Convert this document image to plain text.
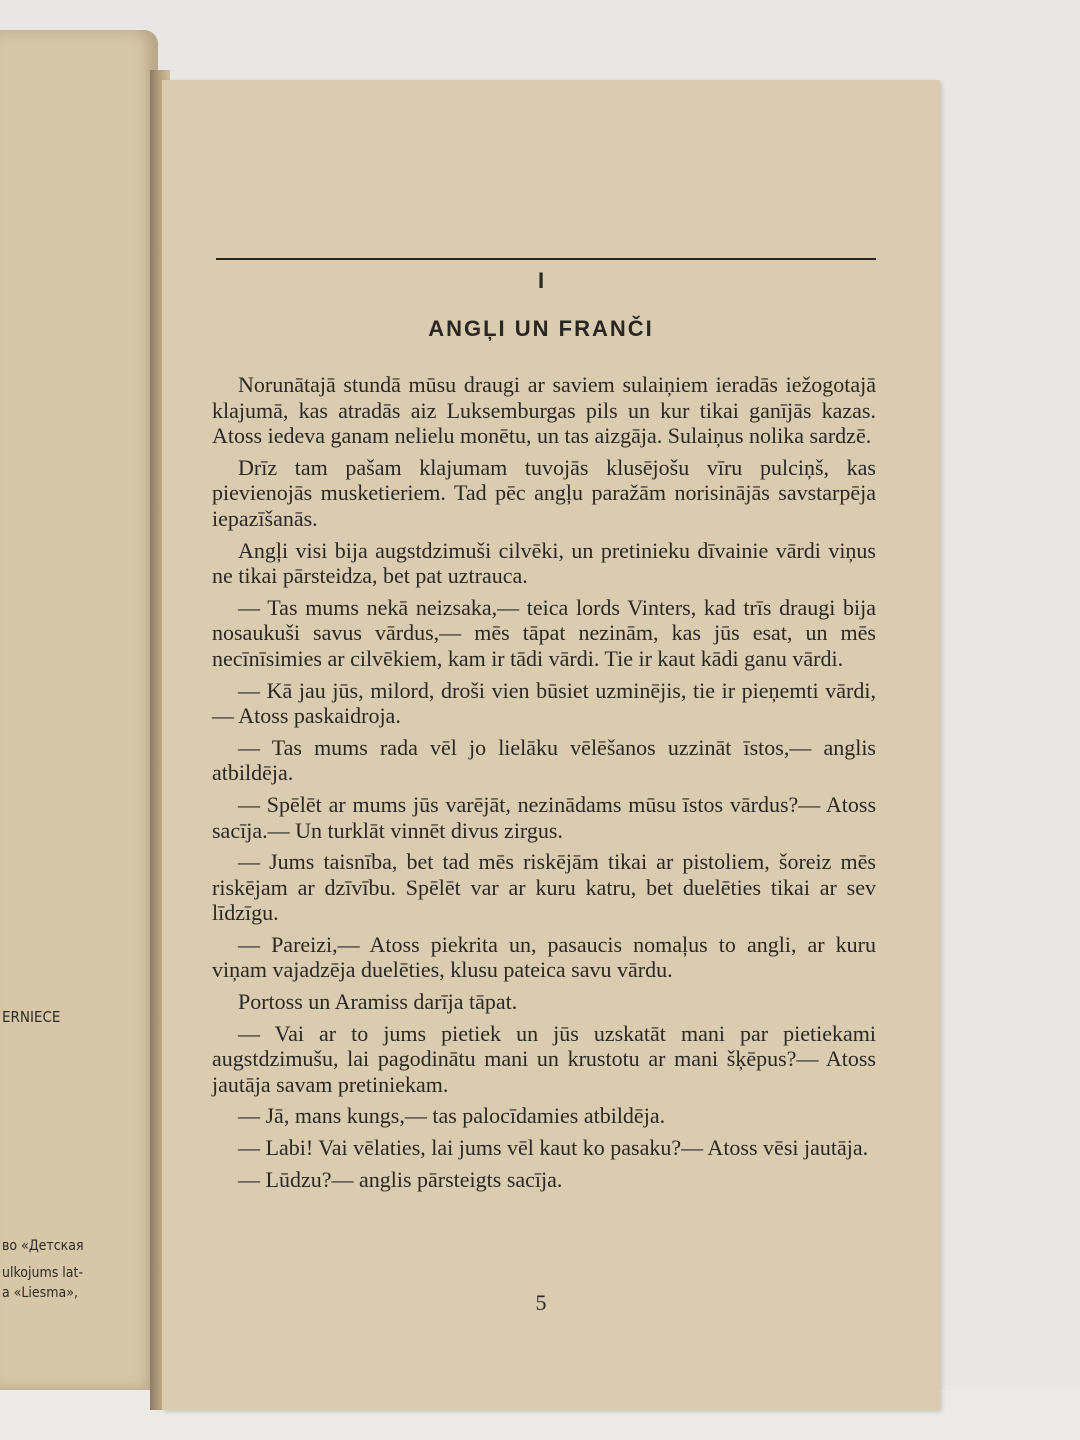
ERNIECE
во «Детская
ulkojums lat-
a «Liesma»,
I
ANGĻI UN FRANČI

Norunātajā stundā mūsu draugi ar saviem sulaiņiem ieradās iežogotajā klajumā, kas atradās aiz Luksemburgas pils un kur tikai ganījās kazas. Atoss iedeva ganam nelielu monētu, un tas aizgāja. Sulaiņus nolika sardzē.

Drīz tam pašam klajumam tuvojās klusējošu vīru pulciņš, kas pievienojās musketieriem. Tad pēc angļu paražām norisinājās savstarpēja iepazīšanās.

Angļi visi bija augstdzimuši cilvēki, un pretinieku dīvainie vārdi viņus ne tikai pārsteidza, bet pat uztrauca.

— Tas mums nekā neizsaka,— teica lords Vinters, kad trīs draugi bija nosaukuši savus vārdus,— mēs tāpat nezinām, kas jūs esat, un mēs necīnīsimies ar cilvēkiem, kam ir tādi vārdi. Tie ir kaut kādi ganu vārdi.

— Kā jau jūs, milord, droši vien būsiet uzminējis, tie ir pieņemti vārdi,— Atoss paskaidroja.

— Tas mums rada vēl jo lielāku vēlēšanos uzzināt īstos,— anglis atbildēja.

— Spēlēt ar mums jūs varējāt, nezinādams mūsu īstos vārdus?— Atoss sacīja.— Un turklāt vinnēt divus zirgus.

— Jums taisnība, bet tad mēs riskējām tikai ar pistoliem, šoreiz mēs riskējam ar dzīvību. Spēlēt var ar kuru katru, bet duelēties tikai ar sev līdzīgu.

— Pareizi,— Atoss piekrita un, pasaucis nomaļus to angli, ar kuru viņam vajadzēja duelēties, klusu pateica savu vārdu.

Portoss un Aramiss darīja tāpat.

— Vai ar to jums pietiek un jūs uzskatāt mani par pietiekami augstdzimušu, lai pagodinātu mani un krustotu ar mani šķēpus?— Atoss jautāja savam pretiniekam.

— Jā, mans kungs,— tas palocīdamies atbildēja.

— Labi! Vai vēlaties, lai jums vēl kaut ko pasaku?— Atoss vēsi jautāja.

— Lūdzu?— anglis pārsteigts sacīja.

5
